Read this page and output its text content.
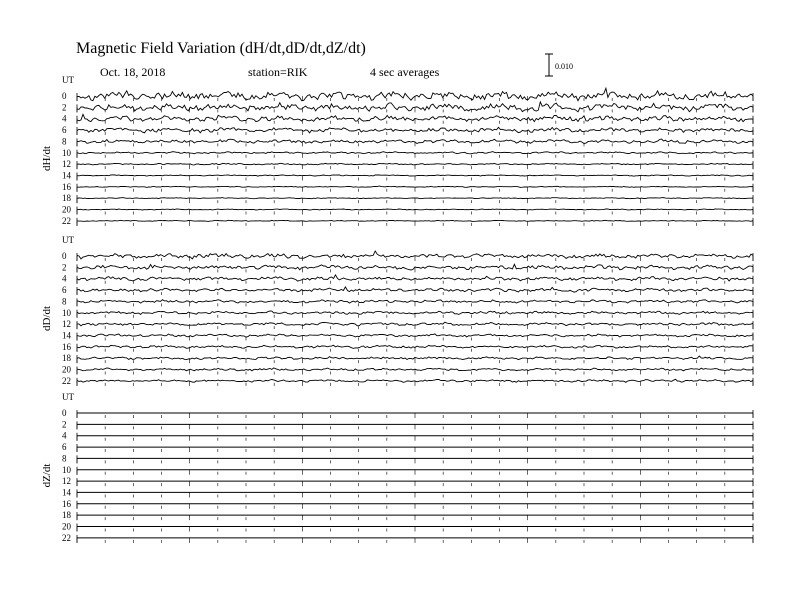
Magnetic Field Variation (dH/dt,dD/dt,dZ/dt)
Oct. 18, 2018	station=RIK	4 sec averages	0.010
UT
dH/dt
0
2
4
6
8
10
12
14
16
18
20
22
UT
dD/dt
0
2
4
6
8
10
12
14
16
18
20
22
UT
dZ/dt
0
2
4
6
8
10
12
14
16
18
20
22
